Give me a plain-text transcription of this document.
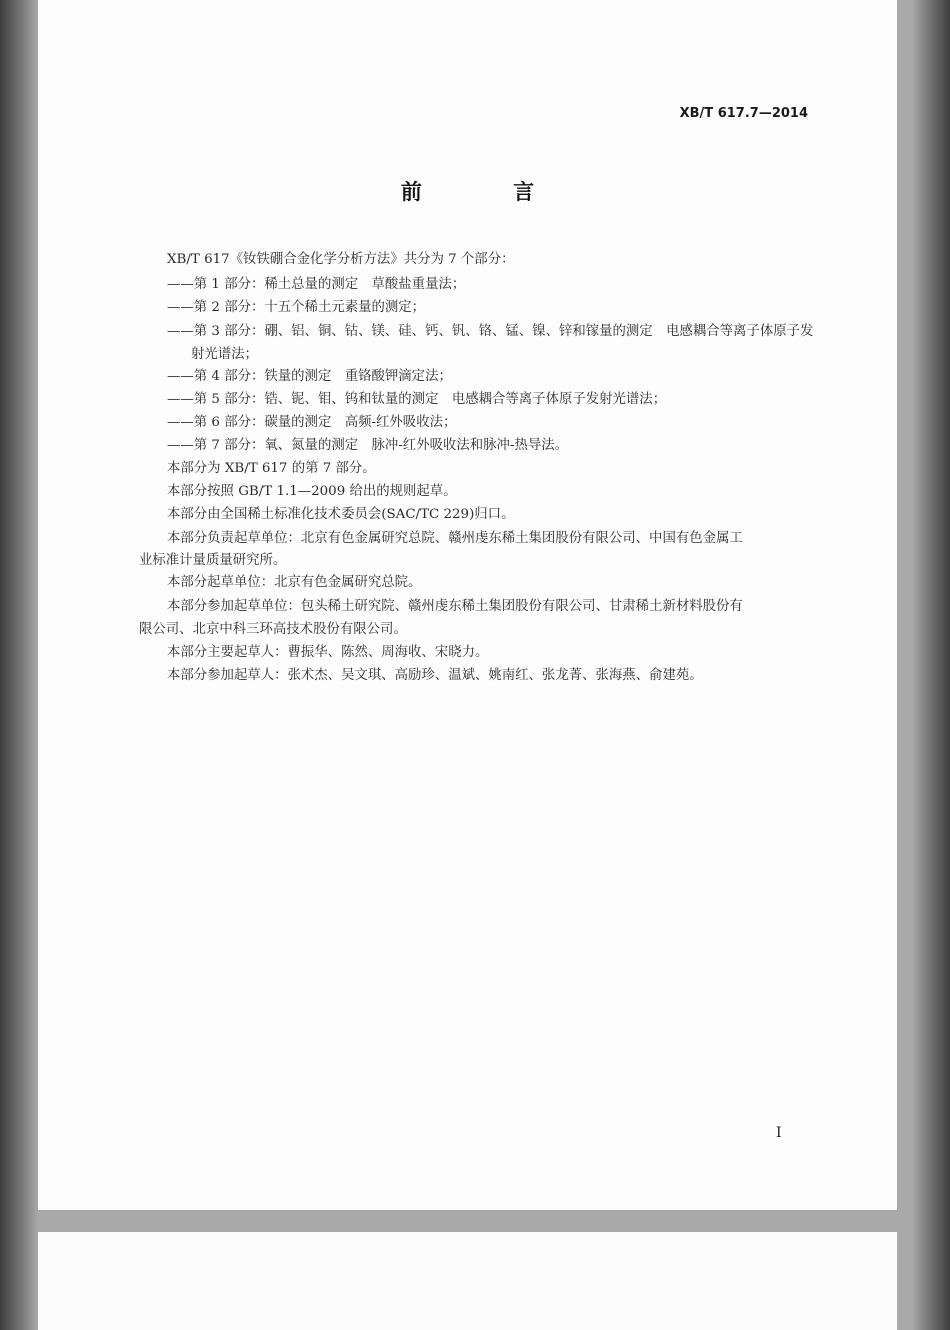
XB/T 617.7—2014
前 言
XB/T 617《钕铁硼合金化学分析方法》共分为 7 个部分：
——第 1 部分：稀土总量的测定　草酸盐重量法；
——第 2 部分：十五个稀土元素量的测定；
——第 3 部分：硼、铝、铜、钴、镁、硅、钙、钒、铬、锰、镍、锌和镓量的测定　电感耦合等离子体原子发
射光谱法；
——第 4 部分：铁量的测定　重铬酸钾滴定法；
——第 5 部分：锆、铌、钼、钨和钛量的测定　电感耦合等离子体原子发射光谱法；
——第 6 部分：碳量的测定　高频-红外吸收法；
——第 7 部分：氧、氮量的测定　脉冲-红外吸收法和脉冲-热导法。
本部分为 XB/T 617 的第 7 部分。
本部分按照 GB/T 1.1—2009 给出的规则起草。
本部分由全国稀土标准化技术委员会(SAC/TC 229)归口。
本部分负责起草单位：北京有色金属研究总院、赣州虔东稀土集团股份有限公司、中国有色金属工
业标准计量质量研究所。
本部分起草单位：北京有色金属研究总院。
本部分参加起草单位：包头稀土研究院、赣州虔东稀土集团股份有限公司、甘肃稀土新材料股份有
限公司、北京中科三环高技术股份有限公司。
本部分主要起草人：曹振华、陈然、周海收、宋晓力。
本部分参加起草人：张术杰、吴文琪、高励珍、温斌、姚南红、张龙菁、张海燕、俞建苑。
I
